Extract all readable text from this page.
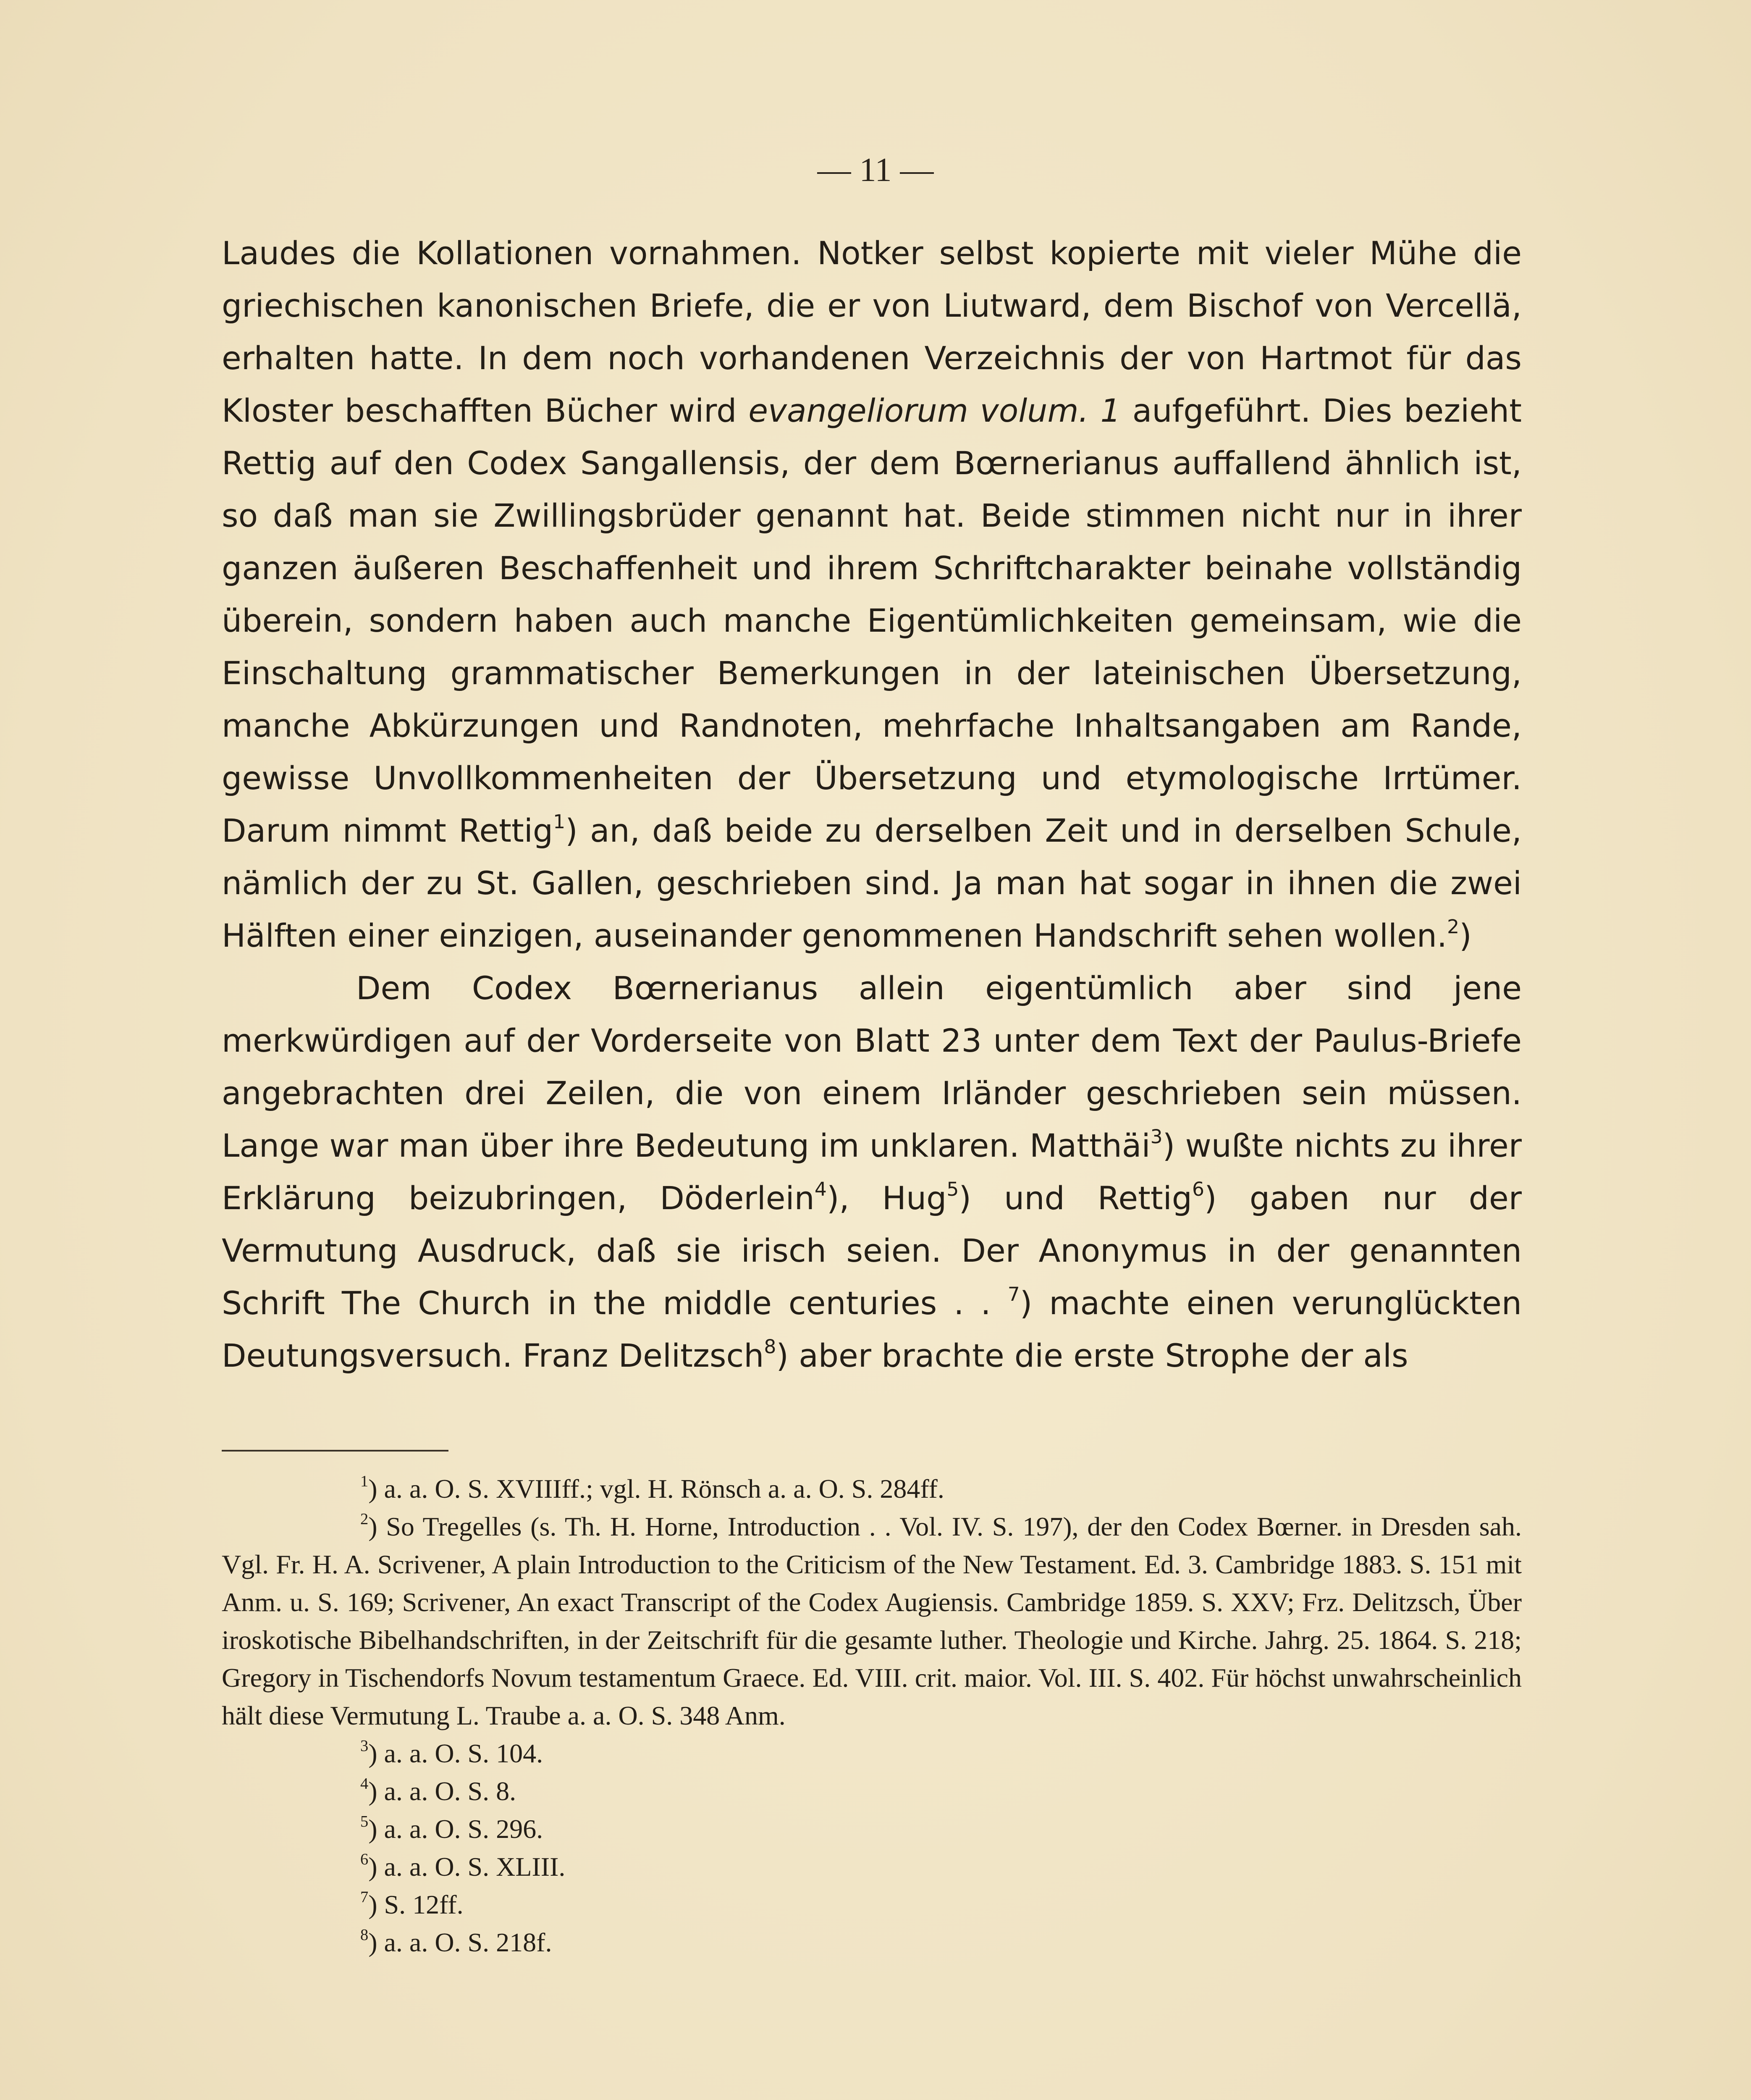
— 11 —

Laudes die Kollationen vornahmen. Notker selbst kopierte mit vieler Mühe die griechischen kanonischen Briefe, die er von Liutward, dem Bischof von Vercellä, erhalten hatte. In dem noch vorhandenen Verzeichnis der von Hartmot für das Kloster beschafften Bücher wird evangeliorum volum. 1 aufgeführt. Dies bezieht Rettig auf den Codex Sangallensis, der dem Bœrnerianus auffallend ähnlich ist, so daß man sie Zwillingsbrüder genannt hat. Beide stimmen nicht nur in ihrer ganzen äußeren Beschaffenheit und ihrem Schriftcharakter beinahe vollständig überein, sondern haben auch manche Eigentümlichkeiten gemeinsam, wie die Einschaltung grammatischer Bemerkungen in der lateinischen Übersetzung, manche Abkürzungen und Randnoten, mehrfache Inhaltsangaben am Rande, gewisse Unvollkommenheiten der Übersetzung und etymologische Irrtümer. Darum nimmt Rettig$^1$) an, daß beide zu derselben Zeit und in derselben Schule, nämlich der zu St. Gallen, geschrieben sind. Ja man hat sogar in ihnen die zwei Hälften einer einzigen, auseinander genommenen Handschrift sehen wollen.$^2$)

Dem Codex Bœrnerianus allein eigentümlich aber sind jene merkwürdigen auf der Vorderseite von Blatt 23 unter dem Text der Paulus-Briefe angebrachten drei Zeilen, die von einem Irländer geschrieben sein müssen. Lange war man über ihre Bedeutung im unklaren. Matthäi$^3$) wußte nichts zu ihrer Erklärung beizubringen, Döderlein$^4$), Hug$^5$) und Rettig$^6$) gaben nur der Vermutung Ausdruck, daß sie irisch seien. Der Anonymus in der genannten Schrift The Church in the middle centuries . . $^7$) machte einen verunglückten Deutungsversuch. Franz Delitzsch$^8$) aber brachte die erste Strophe der als

$^1$) a. a. O. S. XVIIIff.; vgl. H. Rönsch a. a. O. S. 284ff.

$^2$) So Tregelles (s. Th. H. Horne, Introduction . . Vol. IV. S. 197), der den Codex Bœrner. in Dresden sah. Vgl. Fr. H. A. Scrivener, A plain Introduction to the Criticism of the New Testament. Ed. 3. Cambridge 1883. S. 151 mit Anm. u. S. 169; Scrivener, An exact Transcript of the Codex Augiensis. Cambridge 1859. S. XXV; Frz. Delitzsch, Über iroskotische Bibelhandschriften, in der Zeitschrift für die gesamte luther. Theologie und Kirche. Jahrg. 25. 1864. S. 218; Gregory in Tischendorfs Novum testamentum Graece. Ed. VIII. crit. maior. Vol. III. S. 402. Für höchst unwahrscheinlich hält diese Vermutung L. Traube a. a. O. S. 348 Anm.

$^3$) a. a. O. S. 104.

$^4$) a. a. O. S. 8.

$^5$) a. a. O. S. 296.

$^6$) a. a. O. S. XLIII.

$^7$) S. 12ff.

$^8$) a. a. O. S. 218f.
